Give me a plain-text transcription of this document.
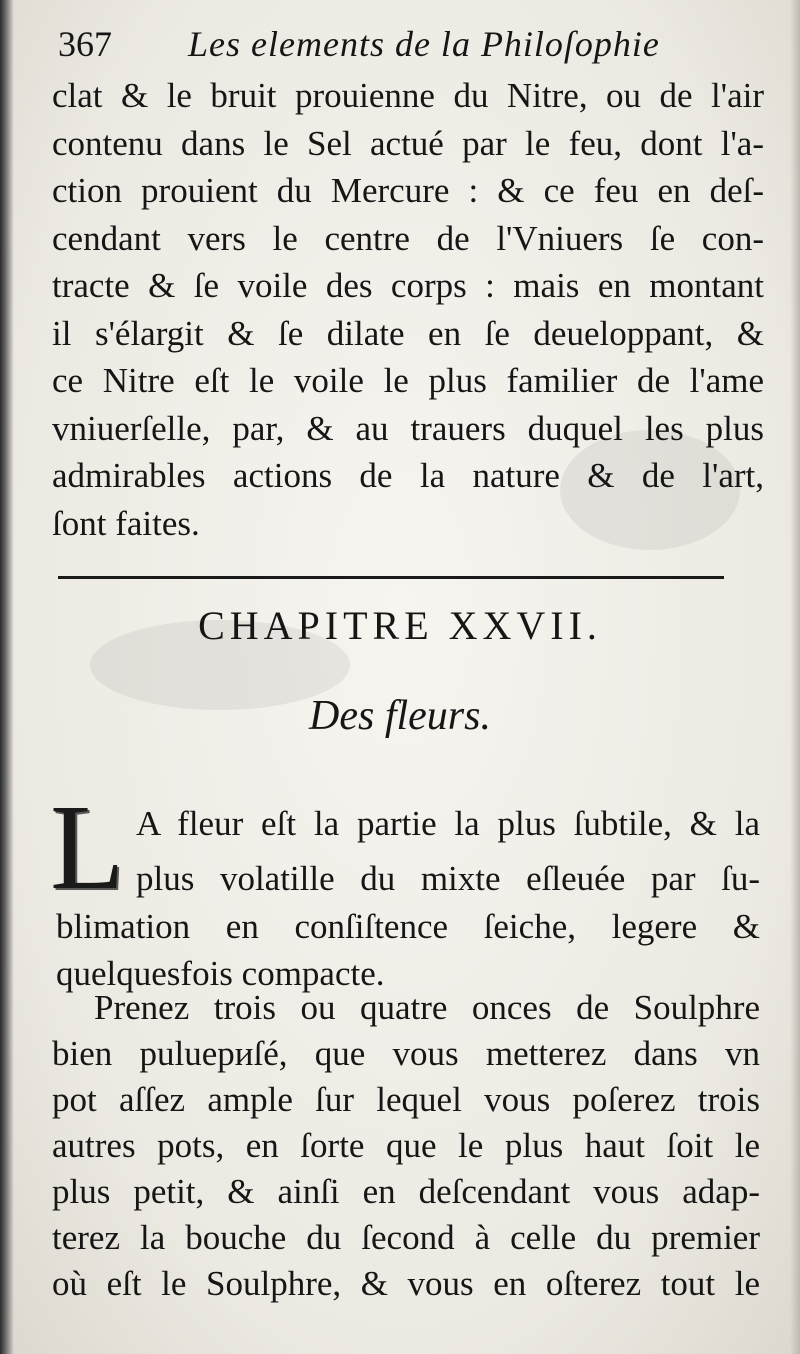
367 Les elements de la Philoſophie
clat & le bruit prouienne du Nitre, ou de l'air
contenu dans le Sel actué par le feu, dont l'a-
ction prouient du Mercure : & ce feu en deſ-
cendant vers le centre de l'Vniuers ſe con-
tracte & ſe voile des corps : mais en montant
il s'élargit & ſe dilate en ſe deueloppant, &
ce Nitre eſt le voile le plus familier de l'ame
vniuerſelle, par, & au trauers duquel les plus
admirables actions de la nature & de l'art,
ſont faites.
CHAPITRE XXVII.
Des fleurs.
L A fleur eſt la partie la plus ſubtile, & la
plus volatille du mixte eſleuée par ſu-
blimation en conſiſtence ſeiche, legere &
quelquesfois compacte.
Prenez trois ou quatre onces de Soulphre
bien puluериſé, que vous metterez dans vn
pot aſſez ample ſur lequel vous poſerez trois
autres pots, en ſorte que le plus haut ſoit le
plus petit, & ainſi en deſcendant vous adap-
terez la bouche du ſecond à celle du premier
où eſt le Soulphre, & vous en oſterez tout le
